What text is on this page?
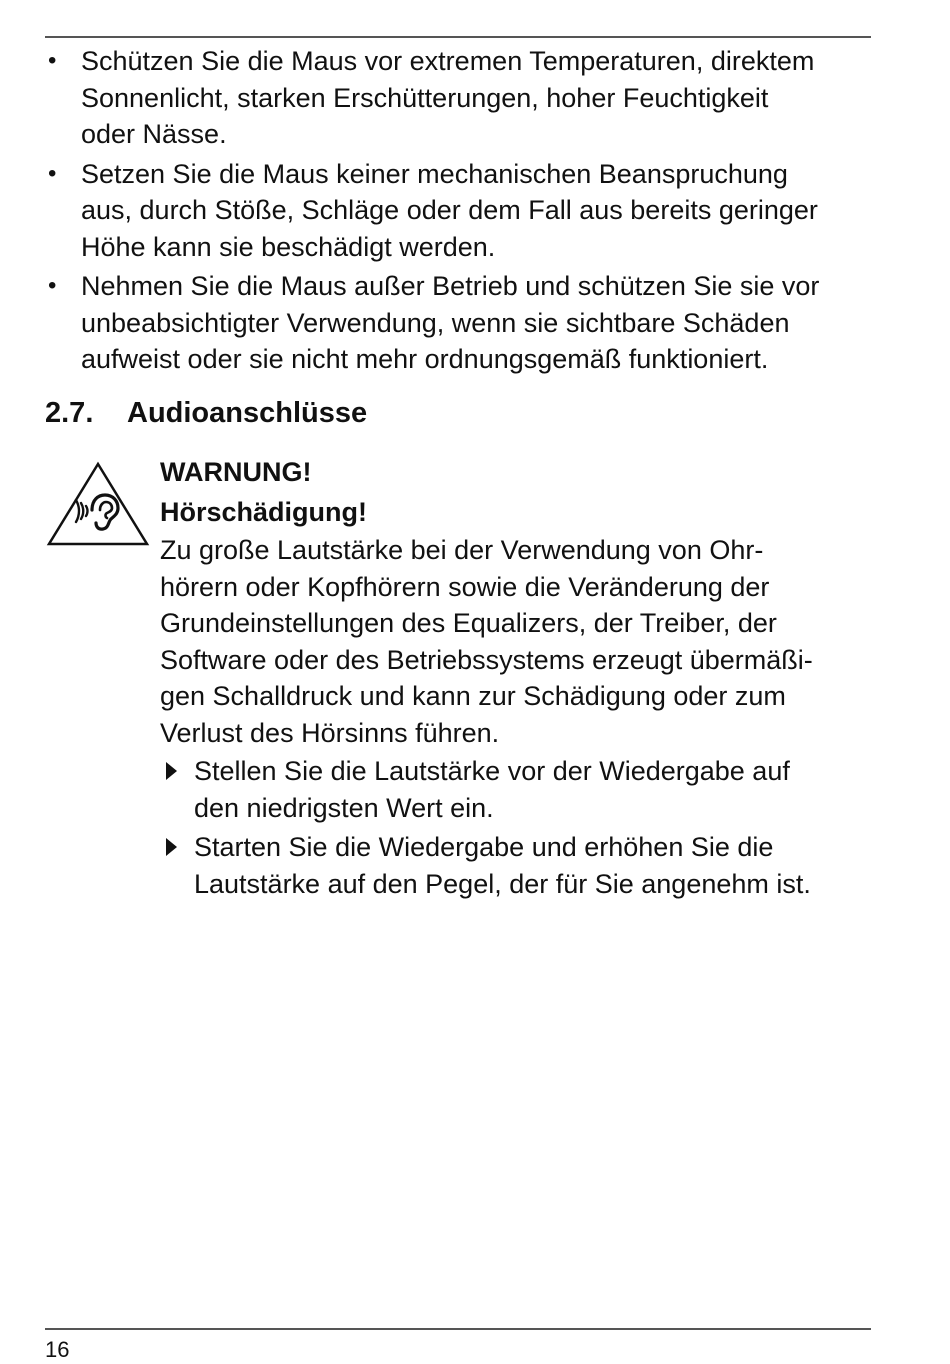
• Schützen Sie die Maus vor extremen Temperaturen, direktem
Sonnenlicht, starken Erschütterungen, hoher Feuchtigkeit
oder Nässe.
• Setzen Sie die Maus keiner mechanischen Beanspruchung
aus, durch Stöße, Schläge oder dem Fall aus bereits geringer
Höhe kann sie beschädigt werden.
• Nehmen Sie die Maus außer Betrieb und schützen Sie sie vor
unbeabsichtigter Verwendung, wenn sie sichtbare Schäden
aufweist oder sie nicht mehr ordnungsgemäß funktioniert.
2.7. Audioanschlüsse

WARNUNG!

Hörschädigung!

Zu große Lautstärke bei der Verwendung von Ohr-
hörern oder Kopfhörern sowie die Veränderung der
Grundeinstellungen des Equalizers, der Treiber, der
Software oder des Betriebssystems erzeugt übermäßi-
gen Schalldruck und kann zur Schädigung oder zum
Verlust des Hörsinns führen.

Stellen Sie die Lautstärke vor der Wiedergabe auf
den niedrigsten Wert ein.
Starten Sie die Wiedergabe und erhöhen Sie die
Lautstärke auf den Pegel, der für Sie angenehm ist.
16
